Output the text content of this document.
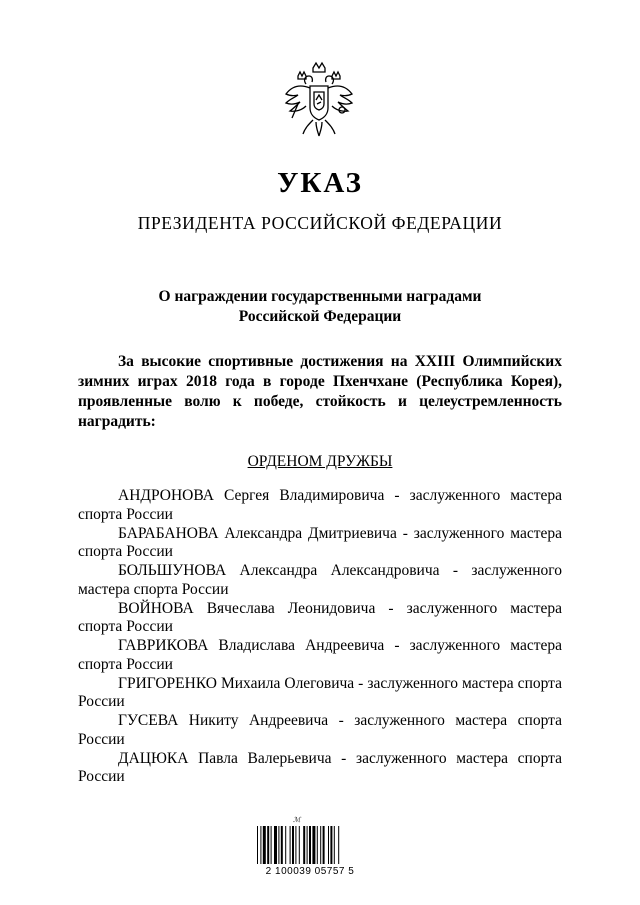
УКАЗ
ПРЕЗИДЕНТА РОССИЙСКОЙ ФЕДЕРАЦИИ
О награждении государственными наградами
Российской Федерации
За высокие спортивные достижения на XXIII Олимпийских зимних играх 2018 года в городе Пхенчхане (Республика Корея), проявленные волю к победе, стойкость и целеустремленность наградить:
ОРДЕНОМ ДРУЖБЫ
АНДРОНОВА Сергея Владимировича - заслуженного мастера спорта России
БАРАБАНОВА Александра Дмитриевича - заслуженного мастера спорта России
БОЛЬШУНОВА Александра Александровича - заслуженного мастера спорта России
ВОЙНОВА Вячеслава Леонидовича - заслуженного мастера спорта России
ГАВРИКОВА Владислава Андреевича - заслуженного мастера спорта России
ГРИГОРЕНКО Михаила Олеговича - заслуженного мастера спорта России
ГУСЕВА Никиту Андреевича - заслуженного мастера спорта России
ДАЦЮКА Павла Валерьевича - заслуженного мастера спорта России
ℳ
2 100039 05757 5
